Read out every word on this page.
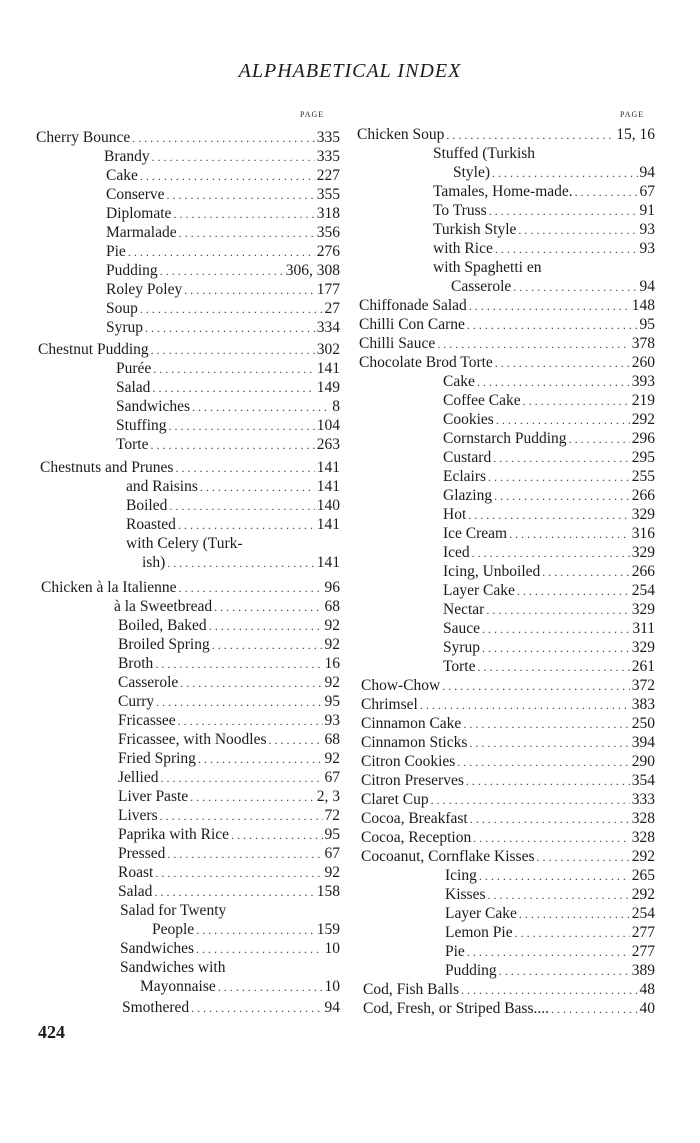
ALPHABETICAL INDEX
PAGE	PAGE
Cherry Bounce . . .	335
Brandy . . .	335
Cake . . .	227
Conserve . . .	355
Diplomate . . .	318
Marmalade . . .	356
Pie . . .	276
Pudding . . .	306, 308
Roley Poley . . .	177
Soup . . .	27
Syrup . . .	334
Chestnut Pudding . . .	302
Purée . . .	141
Salad . . .	149
Sandwiches . . .	8
Stuffing . . .	104
Torte . . .	263
Chestnuts and Prunes . . .	141
and Raisins . . .	141
Boiled . . .	140
Roasted . . .	141
with Celery (Turk-
ish) . . .	141
Chicken à la Italienne . . .	96
à la Sweetbread . . .	68
Boiled, Baked . . .	92
Broiled Spring . . .	92
Broth . . .	16
Casserole . . .	92
Curry . . .	95
Fricassee . . .	93
Fricassee, with Noodles . . .	68
Fried Spring . . .	92
Jellied . . .	67
Liver Paste . . .	2, 3
Livers . . .	72
Paprika with Rice . . .	95
Pressed . . .	67
Roast . . .	92
Salad . . .	158
Salad for Twenty
People . . .	159
Sandwiches . . .	10
Sandwiches with
Mayonnaise . . .	10
Smothered . . .	94
Chicken Soup . . .	15, 16
Stuffed (Turkish
Style) . . .	94
Tamales, Home-made. . . .	67
To Truss . . .	91
Turkish Style . . .	93
with Rice . . .	93
with Spaghetti en
Casserole . . .	94
Chiffonade Salad . . .	148
Chilli Con Carne . . .	95
Chilli Sauce . . .	378
Chocolate Brod Torte . . .	260
Cake . . .	393
Coffee Cake . . .	219
Cookies . . .	292
Cornstarch Pudding . . .	296
Custard . . .	295
Eclairs . . .	255
Glazing . . .	266
Hot . . .	329
Ice Cream . . .	316
Iced . . .	329
Icing, Unboiled . . .	266
Layer Cake . . .	254
Nectar . . .	329
Sauce . . .	311
Syrup . . .	329
Torte . . .	261
Chow-Chow . . .	372
Chrimsel . . .	383
Cinnamon Cake . . .	250
Cinnamon Sticks . . .	394
Citron Cookies . . .	290
Citron Preserves . . .	354
Claret Cup . . .	333
Cocoa, Breakfast . . .	328
Cocoa, Reception . . .	328
Cocoanut, Cornflake Kisses . . .	292
Icing . . .	265
Kisses . . .	292
Layer Cake . . .	254
Lemon Pie . . .	277
Pie . . .	277
Pudding . . .	389
Cod, Fish Balls . . .	48
Cod, Fresh, or Striped Bass.... . . .	40
424
